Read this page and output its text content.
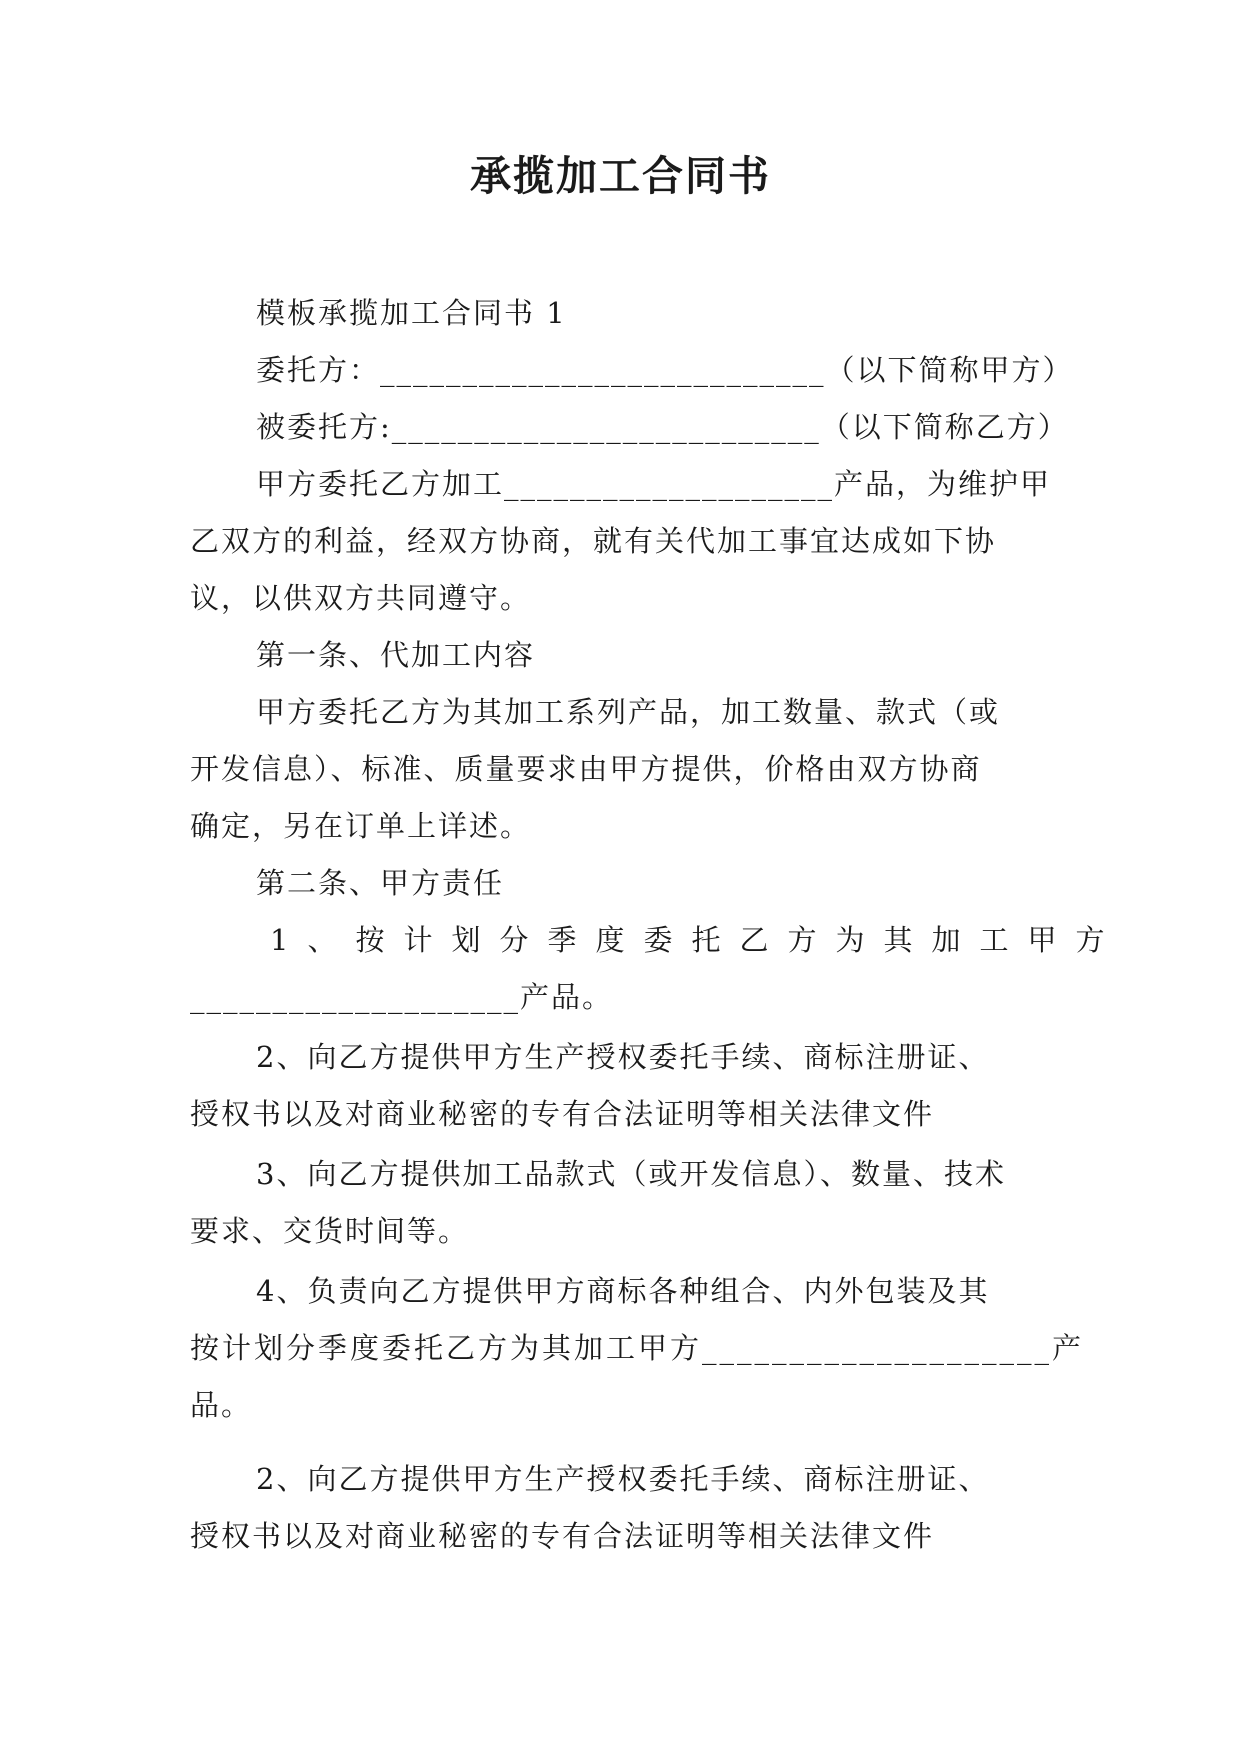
承揽加工合同书
模板承揽加工合同书 1
委托方：___________________________（以下简称甲方）
被委托方:__________________________（以下简称乙方）
甲方委托乙方加工____________________产品，为维护甲
乙双方的利益，经双方协商，就有关代加工事宜达成如下协
议，以供双方共同遵守。
第一条、代加工内容
甲方委托乙方为其加工系列产品，加工数量、款式（或
开发信息）、标准、质量要求由甲方提供，价格由双方协商
确定，另在订单上详述。
第二条、甲方责任
1、按计划分季度委托乙方为其加工甲方
____________________产品。
2、向乙方提供甲方生产授权委托手续、商标注册证、
授权书以及对商业秘密的专有合法证明等相关法律文件
3、向乙方提供加工品款式（或开发信息）、数量、技术
要求、交货时间等。
4、负责向乙方提供甲方商标各种组合、内外包装及其
按计划分季度委托乙方为其加工甲方____________________产
品。
2、向乙方提供甲方生产授权委托手续、商标注册证、
授权书以及对商业秘密的专有合法证明等相关法律文件
